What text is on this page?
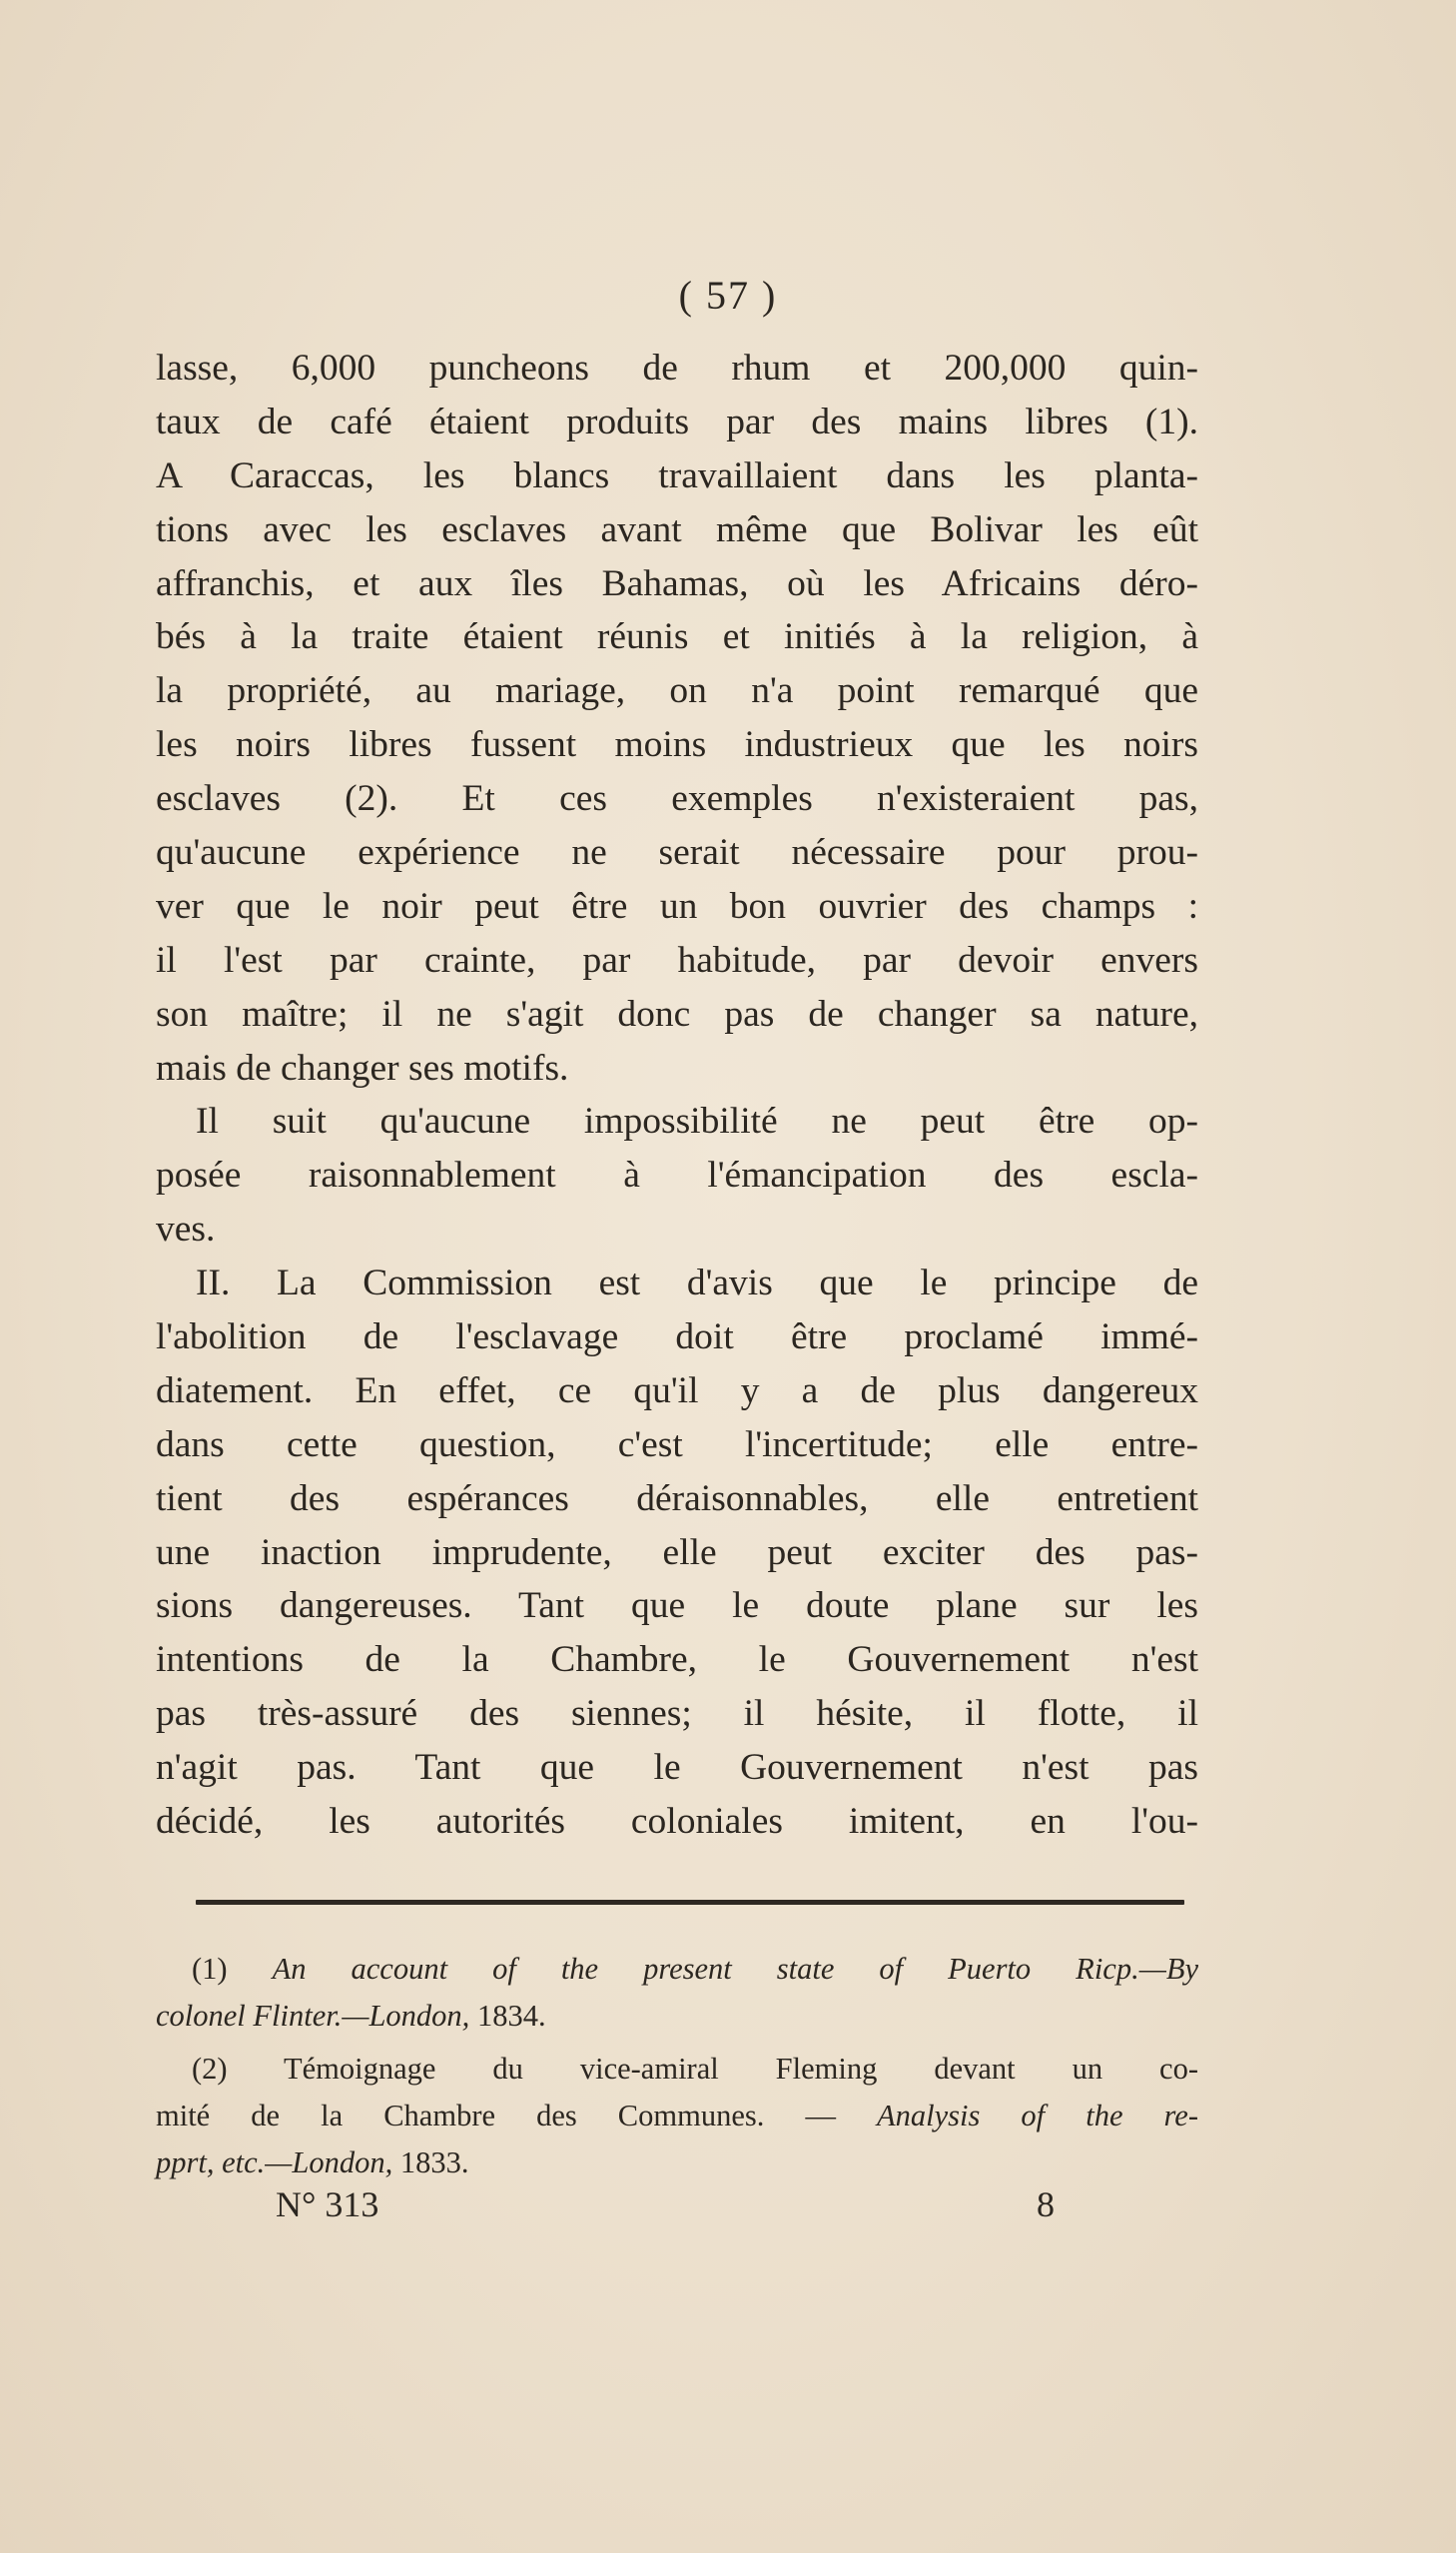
( 57 )
lasse, 6,000 puncheons de rhum et 200,000 quin-
taux de café étaient produits par des mains libres (1).
A Caraccas, les blancs travaillaient dans les planta-
tions avec les esclaves avant même que Bolivar les eût
affranchis, et aux îles Bahamas, où les Africains déro-
bés à la traite étaient réunis et initiés à la religion, à
la propriété, au mariage, on n'a point remarqué que
les noirs libres fussent moins industrieux que les noirs
esclaves (2). Et ces exemples n'existeraient pas,
qu'aucune expérience ne serait nécessaire pour prou-
ver que le noir peut être un bon ouvrier des champs :
il l'est par crainte, par habitude, par devoir envers
son maître; il ne s'agit donc pas de changer sa nature,
mais de changer ses motifs.
Il suit qu'aucune impossibilité ne peut être op-
posée raisonnablement à l'émancipation des escla-
ves.
II. La Commission est d'avis que le principe de
l'abolition de l'esclavage doit être proclamé immé-
diatement. En effet, ce qu'il y a de plus dangereux
dans cette question, c'est l'incertitude; elle entre-
tient des espérances déraisonnables, elle entretient
une inaction imprudente, elle peut exciter des pas-
sions dangereuses. Tant que le doute plane sur les
intentions de la Chambre, le Gouvernement n'est
pas très-assuré des siennes; il hésite, il flotte, il
n'agit pas. Tant que le Gouvernement n'est pas
décidé, les autorités coloniales imitent, en l'ou-
(1) An account of the present state of Puerto Ricp.—By
colonel Flinter.—London, 1834.
(2) Témoignage du vice-amiral Fleming devant un co-
mité de la Chambre des Communes. — Analysis of the re-
pprt, etc.—London, 1833.
N° 313	8
